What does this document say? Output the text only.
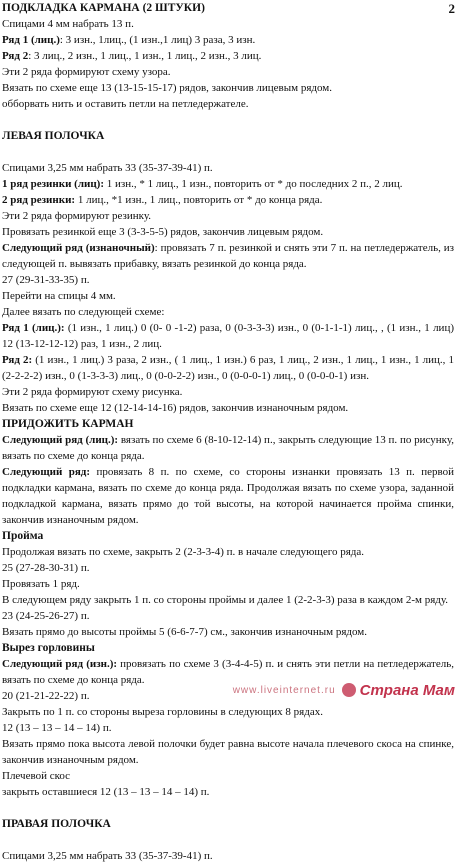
2
ПОДКЛАДКА КАРМАНА (2 ШТУКИ)
Спицами 4 мм набрать 13 п.
Ряд 1 (лиц.): 3 изн., 1лиц., (1 изн.,1 лиц) 3 раза, 3 изн.
Ряд 2: 3 лиц., 2 изн., 1 лиц., 1 изн., 1 лиц., 2 изн., 3 лиц.
Эти 2 ряда формируют схему узора.
Вязать по схеме еще 13 (13-15-15-17) рядов, закончив лицевым рядом.
обборвать нить и оставить петли на петледержателе.
ЛЕВАЯ ПОЛОЧКА
Спицами 3,25 мм набрать 33 (35-37-39-41) п.
1 ряд резинки (лиц): 1 изн., * 1 лиц., 1 изн., повторить от * до последних 2 п., 2 лиц.
2 ряд резинки: 1 лиц., *1 изн., 1 лиц., повторить от * до конца ряда.
Эти 2 ряда формируют резинку.
Провязать резинкой еще 3 (3-3-5-5) рядов, закончив лицевым рядом.
Следующий ряд (изнаночный): провязать 7 п. резинкой и снять эти 7 п. на петледержатель, из следующей п. вывязать прибавку, вязать резинкой до конца ряда.
27 (29-31-33-35) п.
Перейти на спицы 4 мм.
Далее вязать по следующей схеме:
Ряд 1 (лиц.): (1 изн., 1 лиц.) 0 (0- 0 -1-2) раза, 0 (0-3-3-3) изн., 0 (0-1-1-1) лиц., , (1 изн., 1 лиц) 12 (13-12-12-12) раз, 1 изн., 2 лиц.
Ряд 2: (1 изн., 1 лиц.) 3 раза, 2 изн., ( 1 лиц., 1 изн.) 6 раз, 1 лиц., 2 изн., 1 лиц., 1 изн., 1 лиц., 1 (2-2-2-2) изн., 0 (1-3-3-3) лиц., 0 (0-0-2-2) изн., 0 (0-0-0-1) лиц., 0 (0-0-0-1) изн.
Эти 2 ряда формируют схему рисунка.
Вязать по схеме еще 12 (12-14-14-16) рядов, закончив изнаночным рядом.
ПРИДОЖИТЬ КАРМАН
Следующий ряд (лиц.): вязать по схеме 6 (8-10-12-14) п., закрыть следующие 13 п. по рисунку, вязать по схеме до конца ряда.
Следующий ряд: провязать 8 п. по схеме, со стороны изнанки провязать 13 п. первой подкладки кармана, вязать по схеме до конца ряда. Продолжая вязать по схеме узора, заданной подкладкой кармана, вязать прямо до той высоты, на которой начинается пройма спинки, закончив изнаночным рядом.
Пройма
Продолжая вязать по схеме, закрыть 2 (2-3-3-4) п. в начале следующего ряда.
25 (27-28-30-31) п.
Провязать 1 ряд.
В следующем ряду закрыть 1 п. со стороны проймы и далее 1 (2-2-3-3) раза в каждом 2-м ряду.
23 (24-25-26-27) п.
Вязать прямо до высоты проймы 5 (6-6-7-7) см., закончив изнаночным рядом.
Вырез горловины
Следующий ряд (изн.): провязать по схеме 3 (3-4-4-5) п. и снять эти петли на петледержатель, вязать по схеме до конца ряда.
20 (21-21-22-22) п.
Закрыть по 1 п. со стороны выреза горловины в следующих 8 рядах.
12 (13 – 13 – 14 – 14) п.
Вязать прямо пока высота левой полочки будет равна высоте начала плечевого скоса на спинке, закончив изнаночным рядом.
Плечевой скос
закрыть оставшиеся 12 (13 – 13 – 14 – 14) п.
ПРАВАЯ ПОЛОЧКА
Спицами 3,25 мм набрать 33 (35-37-39-41) п.
www.liveinternet.ru Страна Мам
